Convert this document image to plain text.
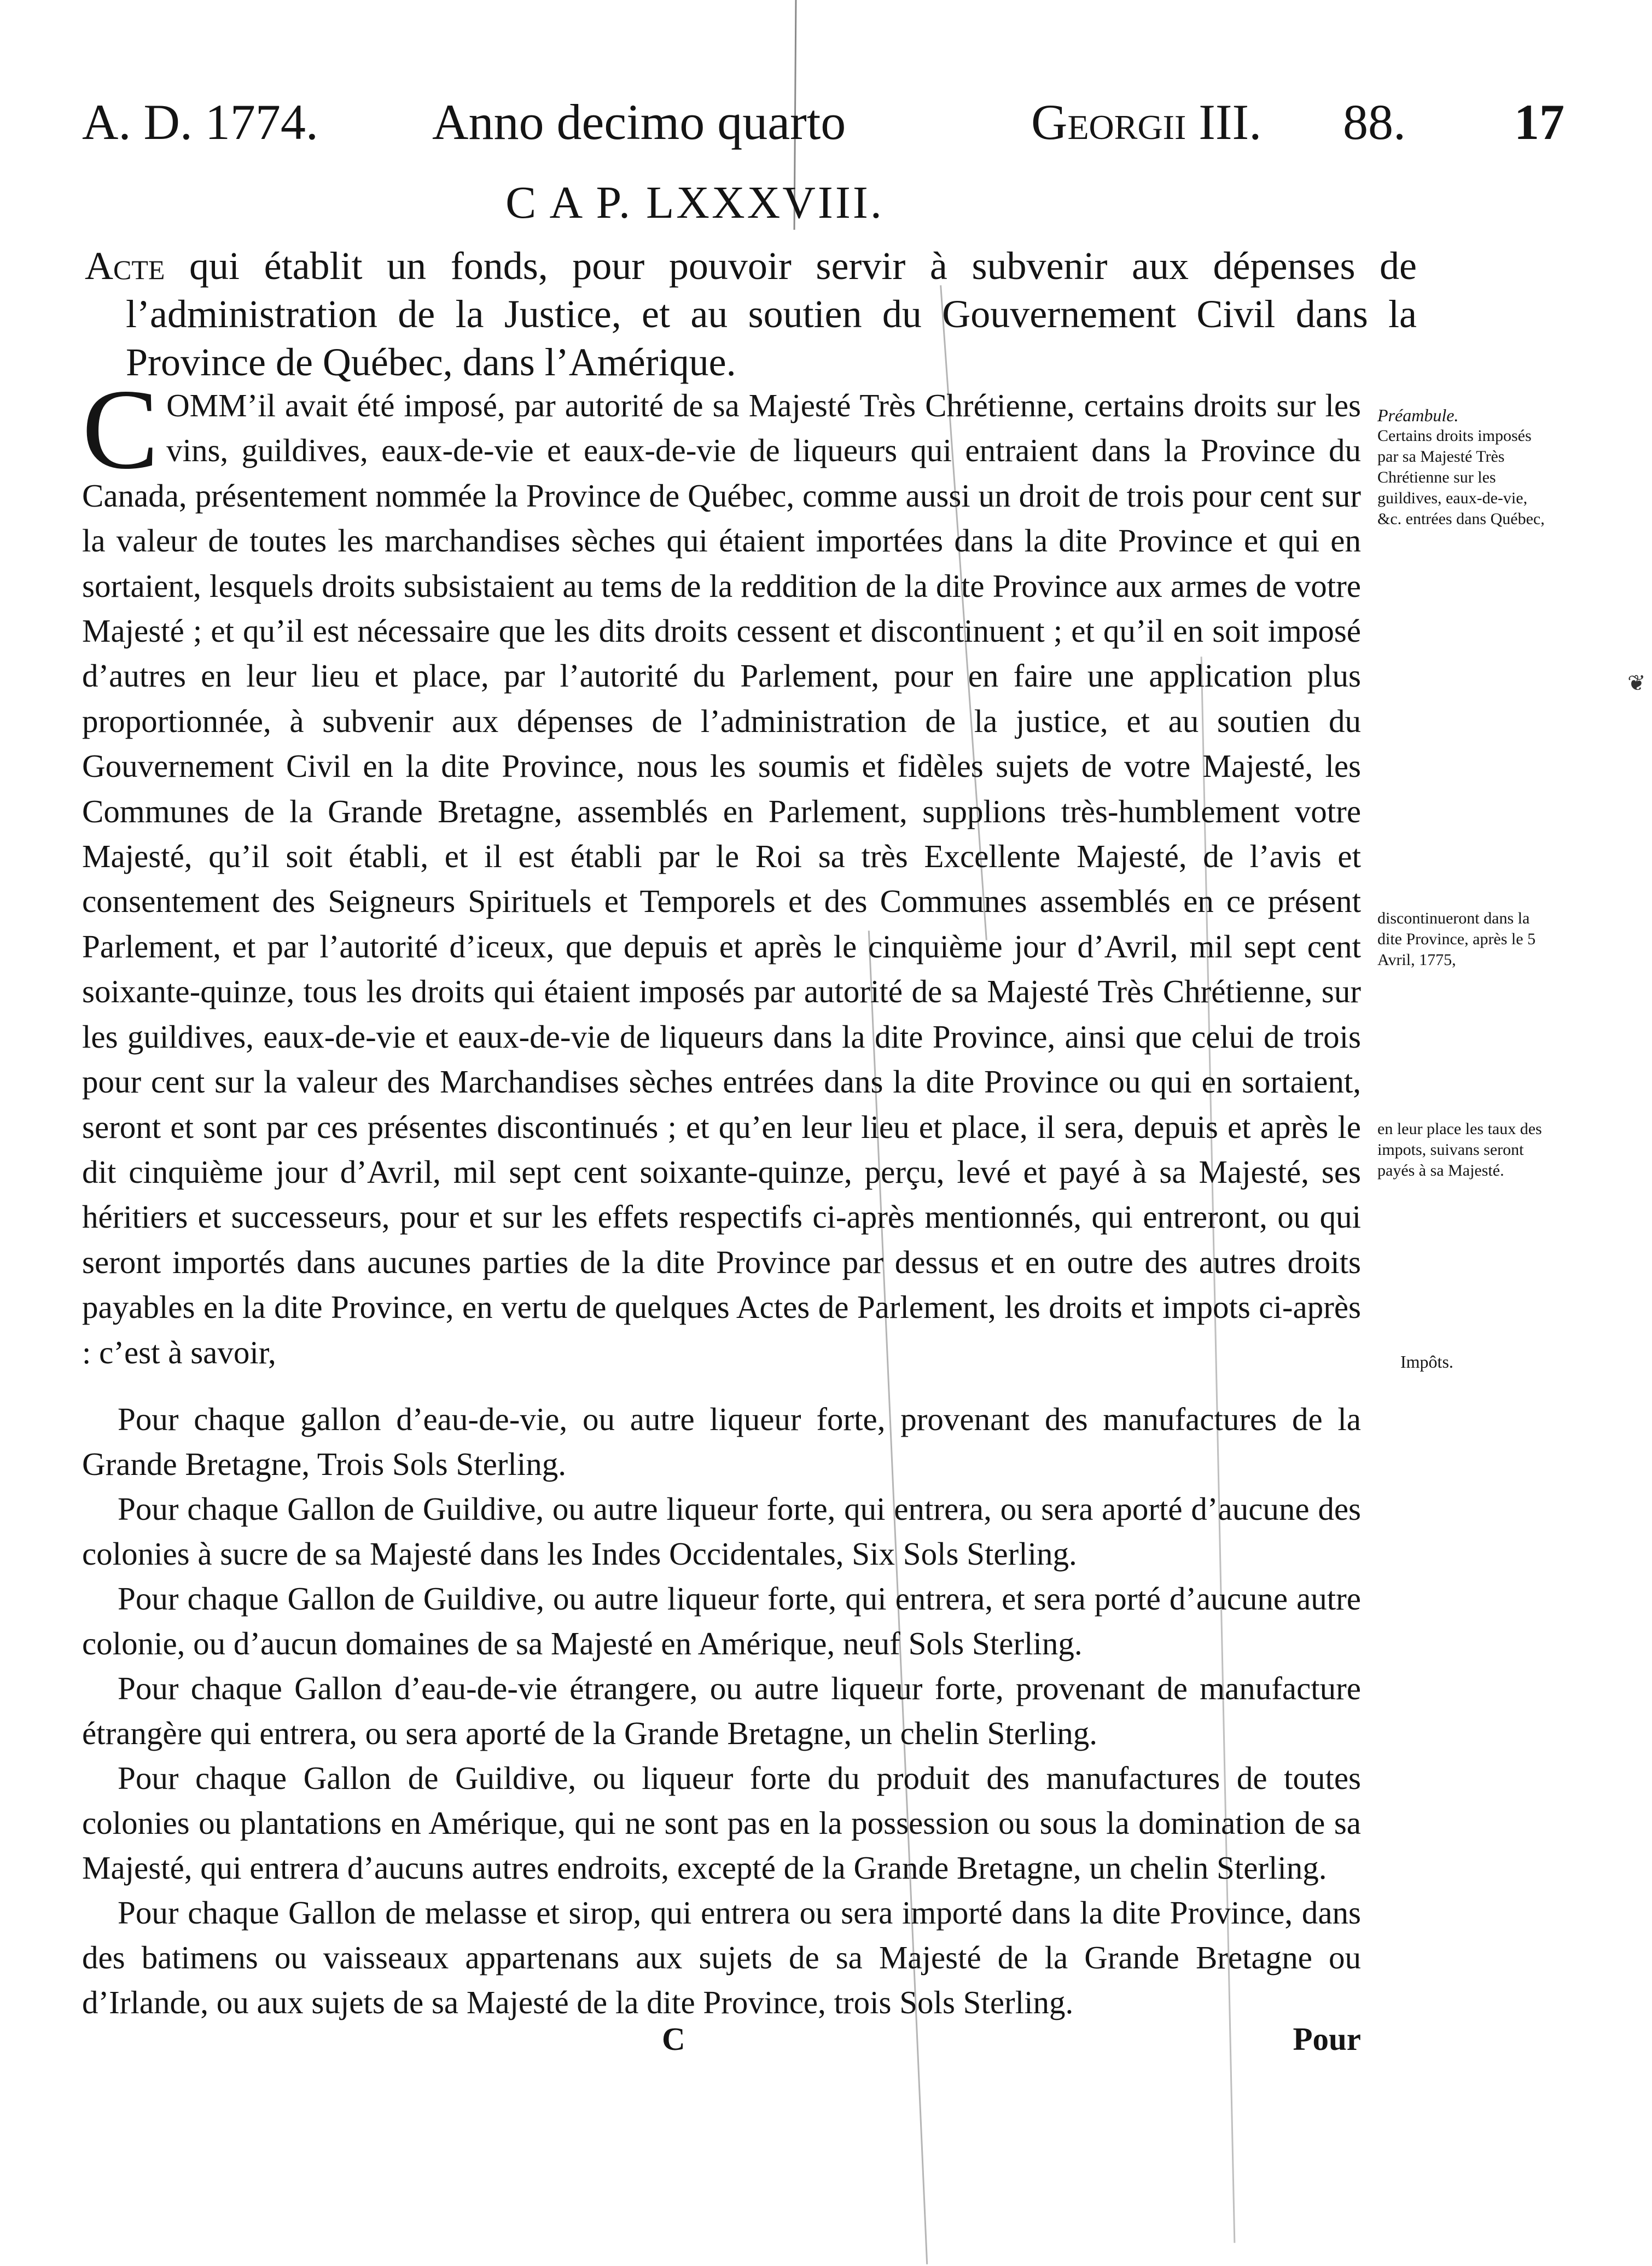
A. D. 1774. Anno decimo quarto	Georgii III. 88. 17
C A P. LXXXVIII.
Acte qui établit un fonds, pour pouvoir servir à subvenir aux dépenses de l’administration de la Justice, et au soutien du Gouvernement Civil dans la Province de Québec, dans l’Amérique.

COMM’il avait été imposé, par autorité de sa Majesté Très Chrétienne, certains droits sur les vins, guildives, eaux-de-vie et eaux-de-vie de liqueurs qui entraient dans la Province du Canada, présentement nommée la Province de Québec, comme aussi un droit de trois pour cent sur la valeur de toutes les marchandises sèches qui étaient importées dans la dite Province et qui en sortaient, lesquels droits subsistaient au tems de la reddition de la dite Province aux armes de votre Majesté ; et qu’il est nécessaire que les dits droits cessent et discontinuent ; et qu’il en soit imposé d’autres en leur lieu et place, par l’autorité du Parlement, pour en faire une application plus proportionnée, à subvenir aux dépenses de l’administration de la justice, et au soutien du Gouvernement Civil en la dite Province, nous les soumis et fidèles sujets de votre Majesté, les Communes de la Grande Bretagne, assemblés en Parlement, supplions très-humblement votre Majesté, qu’il soit établi, et il est établi par le Roi sa très Excellente Majesté, de l’avis et consentement des Seigneurs Spirituels et Temporels et des Communes assemblés en ce présent Parlement, et par l’autorité d’iceux, que depuis et après le cinquième jour d’Avril, mil sept cent soixante-quinze, tous les droits qui étaient imposés par autorité de sa Majesté Très Chrétienne, sur les guildives, eaux-de-vie et eaux-de-vie de liqueurs dans la dite Province, ainsi que celui de trois pour cent sur la valeur des Marchandises sèches entrées dans la dite Province ou qui en sortaient, seront et sont par ces présentes discontinués ; et qu’en leur lieu et place, il sera, depuis et après le dit cinquième jour d’Avril, mil sept cent soixante-quinze, perçu, levé et payé à sa Majesté, ses héritiers et successeurs, pour et sur les effets respectifs ci-après mentionnés, qui entreront, ou qui seront importés dans aucunes parties de la dite Province par dessus et en outre des autres droits payables en la dite Province, en vertu de quelques Actes de Parlement, les droits et impots ci-après : c’est à savoir,

Pour chaque gallon d’eau-de-vie, ou autre liqueur forte, provenant des manufactures de la Grande Bretagne, Trois Sols Sterling.

Pour chaque Gallon de Guildive, ou autre liqueur forte, qui entrera, ou sera aporté d’aucune des colonies à sucre de sa Majesté dans les Indes Occidentales, Six Sols Sterling.

Pour chaque Gallon de Guildive, ou autre liqueur forte, qui entrera, et sera porté d’aucune autre colonie, ou d’aucun domaines de sa Majesté en Amérique, neuf Sols Sterling.

Pour chaque Gallon d’eau-de-vie étrangere, ou autre liqueur forte, provenant de manufacture étrangère qui entrera, ou sera aporté de la Grande Bretagne, un chelin Sterling.

Pour chaque Gallon de Guildive, ou liqueur forte du produit des manufactures de toutes colonies ou plantations en Amérique, qui ne sont pas en la possession ou sous la domination de sa Majesté, qui entrera d’aucuns autres endroits, excepté de la Grande Bretagne, un chelin Sterling.

Pour chaque Gallon de melasse et sirop, qui entrera ou sera importé dans la dite Province, dans des batimens ou vaisseaux appartenans aux sujets de sa Majesté de la Grande Bretagne ou d’Irlande, ou aux sujets de sa Majesté de la dite Province, trois Sols Sterling.

Préambule.
Certains droits imposés par sa Majesté Très Chrétienne sur les guildives, eaux-de-vie, &c. entrées dans Québec,
discontinueront dans la dite Province, après le 5 Avril, 1775,
en leur place les taux des impots, suivans seront payés à sa Majesté.
Impôts.
C	Pour
❦
